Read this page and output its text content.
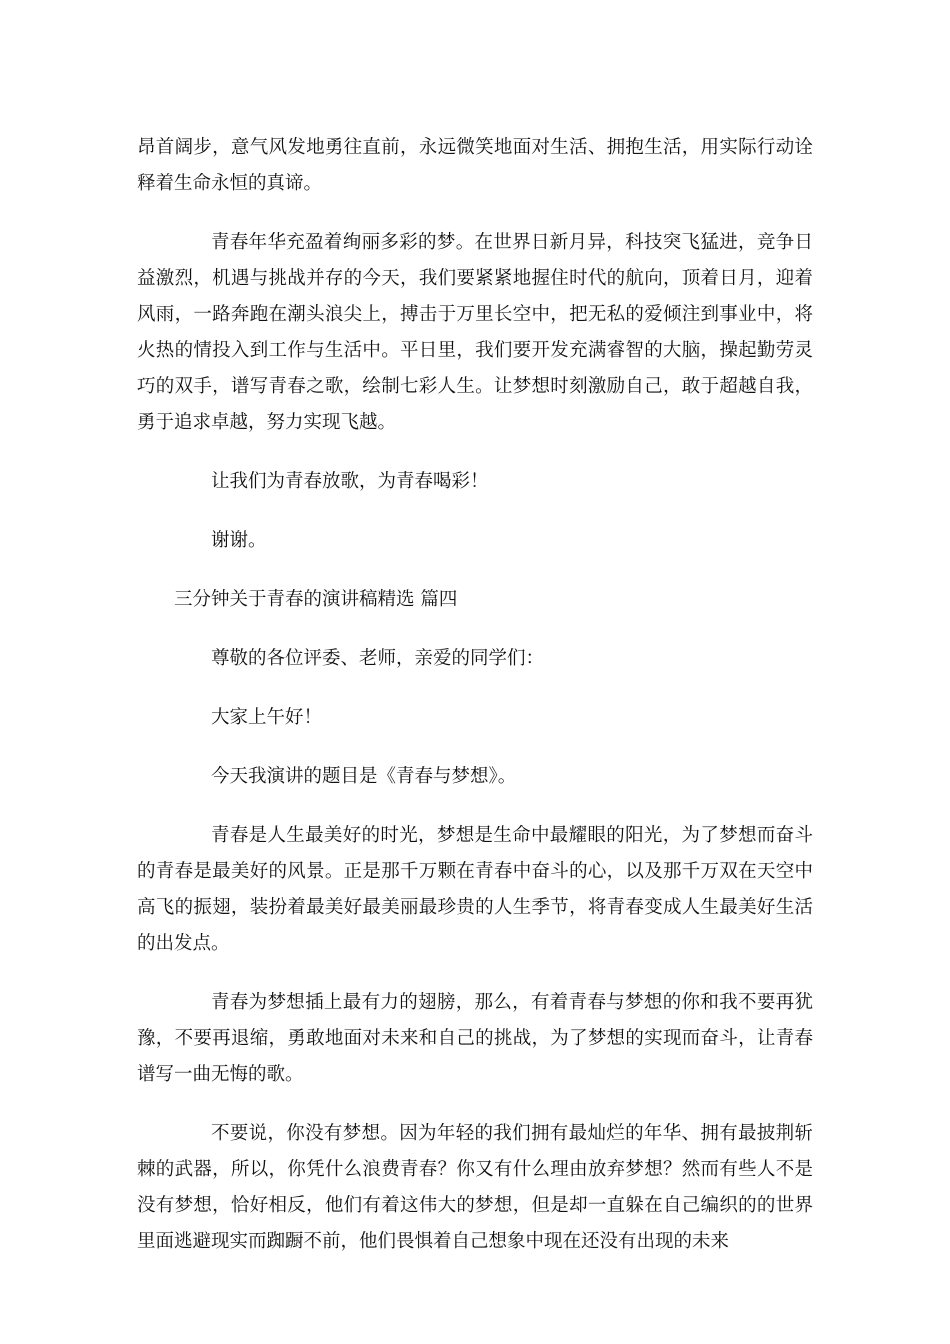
昂首阔步，意气风发地勇往直前，永远微笑地面对生活、拥抱生活，用实际行动诠释着生命永恒的真谛。

青春年华充盈着绚丽多彩的梦。在世界日新月异，科技突飞猛进，竞争日益激烈，机遇与挑战并存的今天，我们要紧紧地握住时代的航向，顶着日月，迎着风雨，一路奔跑在潮头浪尖上，搏击于万里长空中，把无私的爱倾注到事业中，将火热的情投入到工作与生活中。平日里，我们要开发充满睿智的大脑，操起勤劳灵巧的双手，谱写青春之歌，绘制七彩人生。让梦想时刻激励自己，敢于超越自我，勇于追求卓越，努力实现飞越。

让我们为青春放歌，为青春喝彩！

谢谢。

三分钟关于青春的演讲稿精选 篇四

尊敬的各位评委、老师，亲爱的同学们：

大家上午好！

今天我演讲的题目是《青春与梦想》。

青春是人生最美好的时光，梦想是生命中最耀眼的阳光，为了梦想而奋斗的青春是最美好的风景。正是那千万颗在青春中奋斗的心，以及那千万双在天空中高飞的振翅，装扮着最美好最美丽最珍贵的人生季节，将青春变成人生最美好生活的出发点。

青春为梦想插上最有力的翅膀，那么，有着青春与梦想的你和我不要再犹豫，不要再退缩，勇敢地面对未来和自己的挑战，为了梦想的实现而奋斗，让青春谱写一曲无悔的歌。

不要说，你没有梦想。因为年轻的我们拥有最灿烂的年华、拥有最披荆斩棘的武器，所以，你凭什么浪费青春？你又有什么理由放弃梦想？然而有些人不是没有梦想，恰好相反，他们有着这伟大的梦想，但是却一直躲在自己编织的的世界里面逃避现实而踟蹰不前，他们畏惧着自己想象中现在还没有出现的未来
